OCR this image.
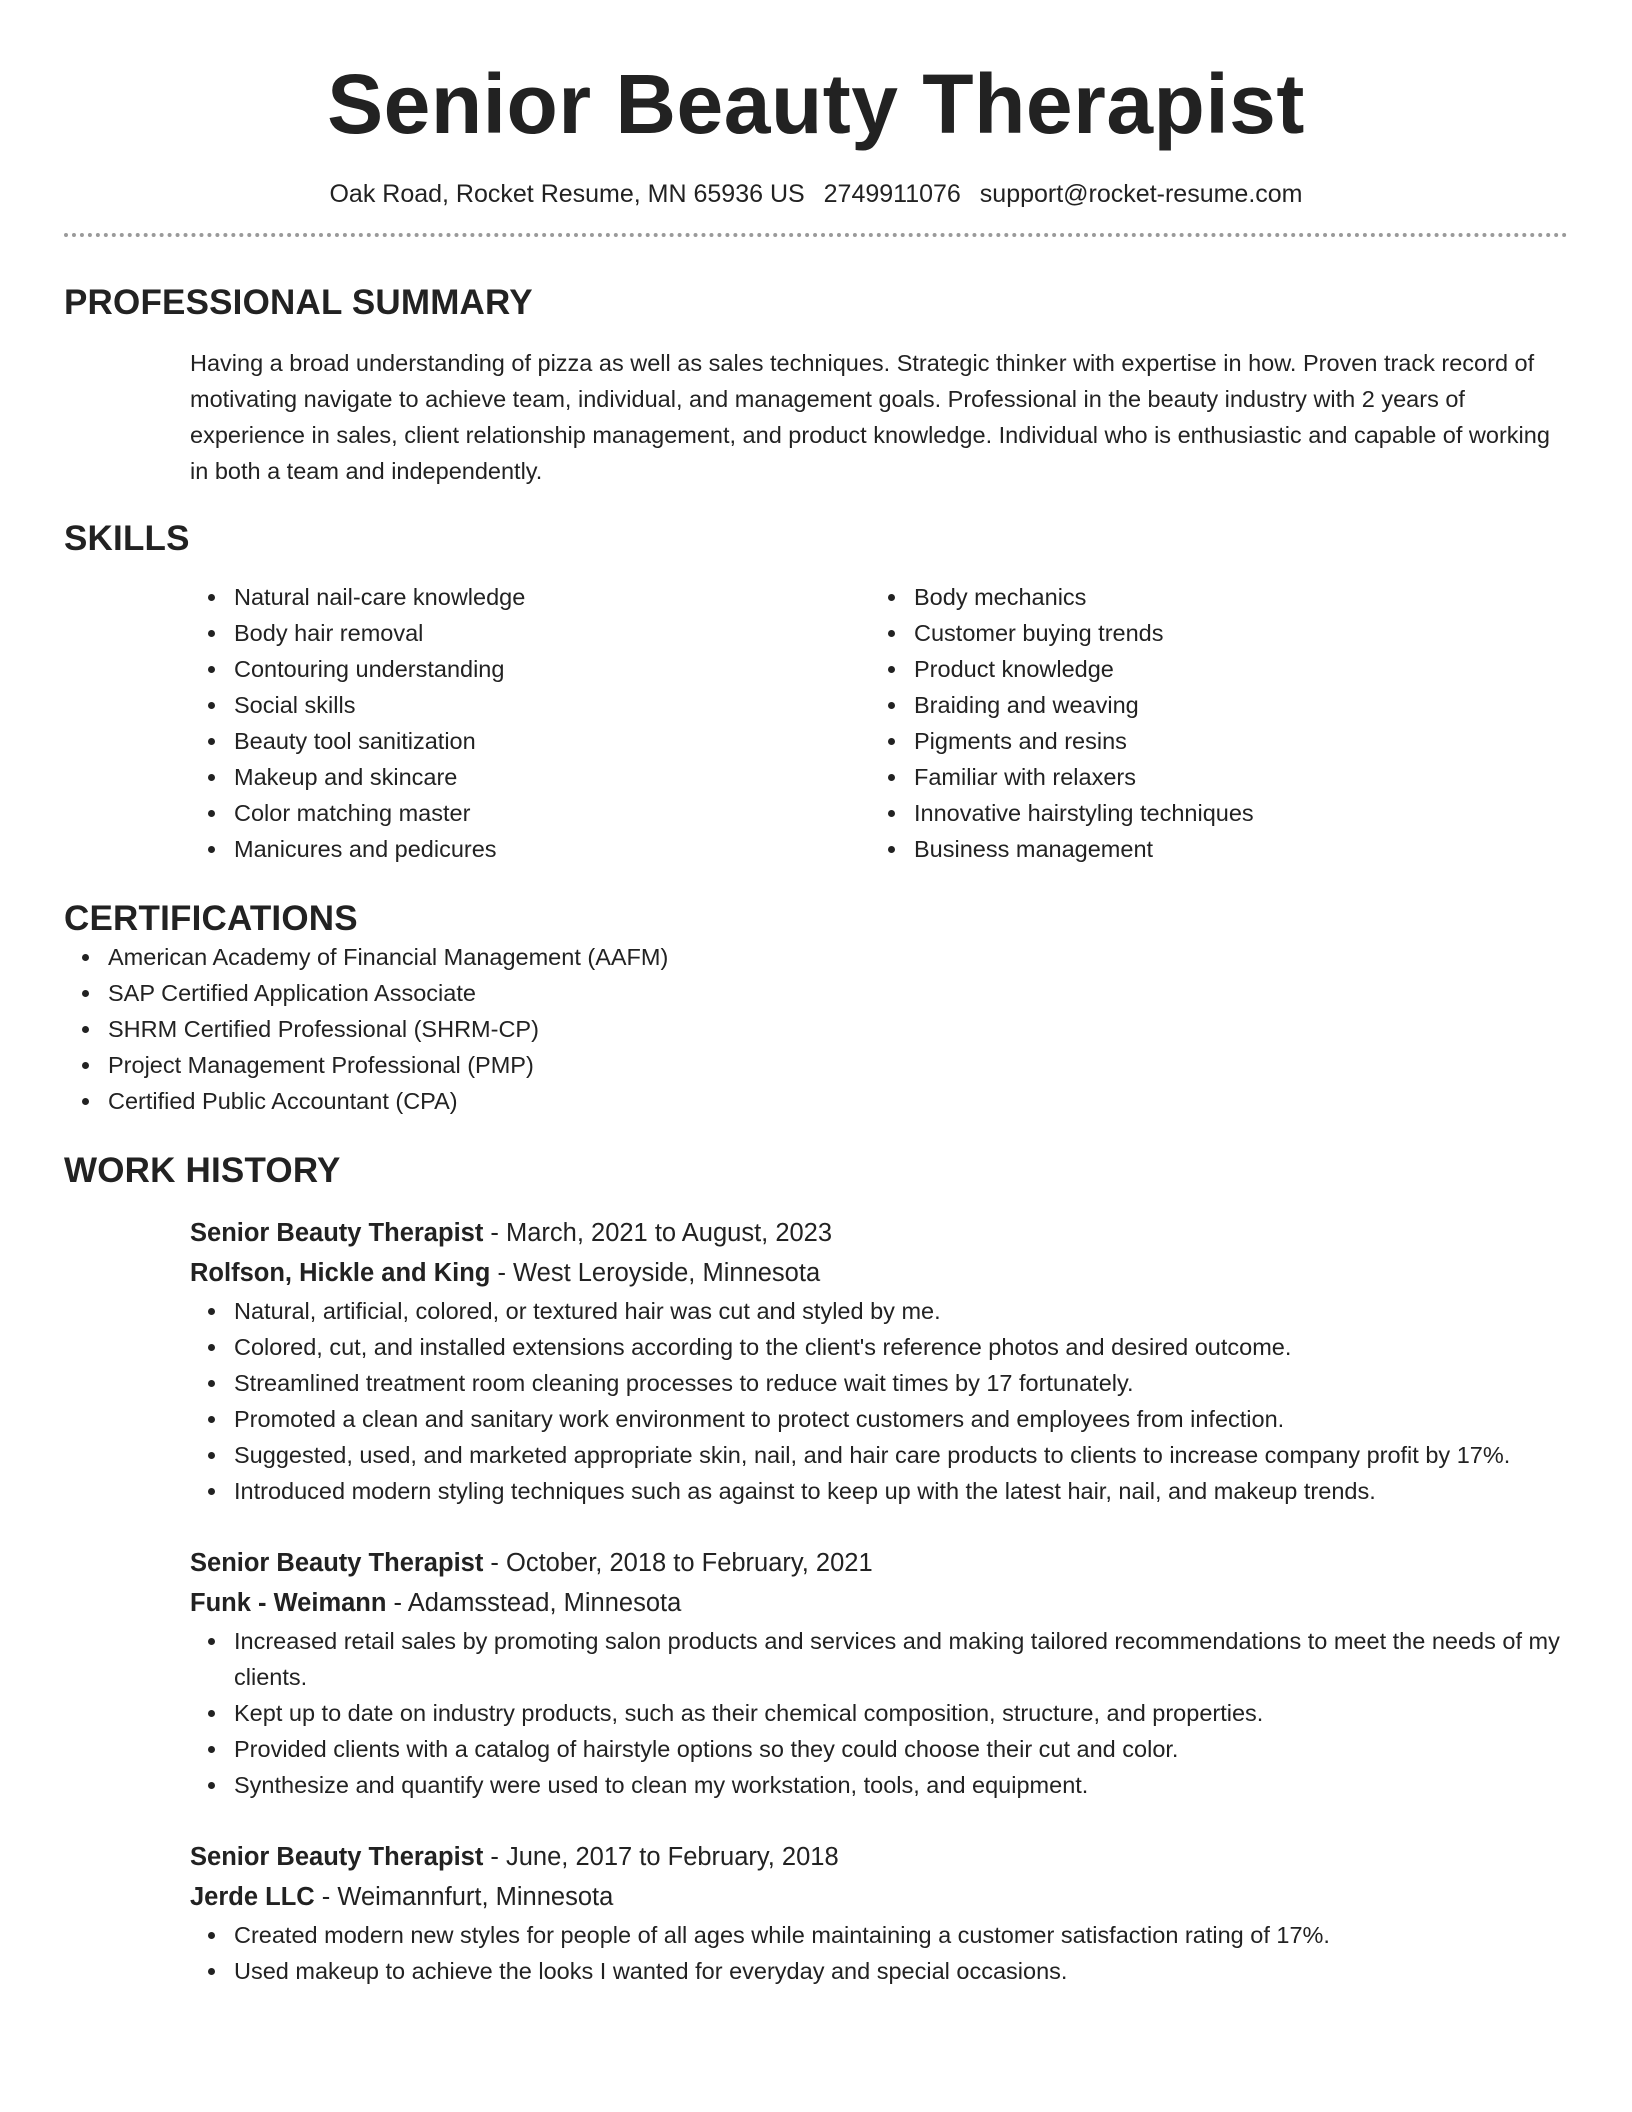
Senior Beauty Therapist
Oak Road, Rocket Resume, MN 65936 US 2749911076 support@rocket-resume.com
PROFESSIONAL SUMMARY
Having a broad understanding of pizza as well as sales techniques. Strategic thinker with expertise in how. Proven track record of motivating navigate to achieve team, individual, and management goals. Professional in the beauty industry with 2 years of experience in sales, client relationship management, and product knowledge. Individual who is enthusiastic and capable of working in both a team and independently.
SKILLS
Natural nail-care knowledge
Body hair removal
Contouring understanding
Social skills
Beauty tool sanitization
Makeup and skincare
Color matching master
Manicures and pedicures
Body mechanics
Customer buying trends
Product knowledge
Braiding and weaving
Pigments and resins
Familiar with relaxers
Innovative hairstyling techniques
Business management
CERTIFICATIONS
American Academy of Financial Management (AAFM)
SAP Certified Application Associate
SHRM Certified Professional (SHRM-CP)
Project Management Professional (PMP)
Certified Public Accountant (CPA)
WORK HISTORY
Senior Beauty Therapist - March, 2021 to August, 2023
Rolfson, Hickle and King - West Leroyside, Minnesota
Natural, artificial, colored, or textured hair was cut and styled by me.
Colored, cut, and installed extensions according to the client's reference photos and desired outcome.
Streamlined treatment room cleaning processes to reduce wait times by 17 fortunately.
Promoted a clean and sanitary work environment to protect customers and employees from infection.
Suggested, used, and marketed appropriate skin, nail, and hair care products to clients to increase company profit by 17%.
Introduced modern styling techniques such as against to keep up with the latest hair, nail, and makeup trends.
Senior Beauty Therapist - October, 2018 to February, 2021
Funk - Weimann - Adamsstead, Minnesota
Increased retail sales by promoting salon products and services and making tailored recommendations to meet the needs of my clients.
Kept up to date on industry products, such as their chemical composition, structure, and properties.
Provided clients with a catalog of hairstyle options so they could choose their cut and color.
Synthesize and quantify were used to clean my workstation, tools, and equipment.
Senior Beauty Therapist - June, 2017 to February, 2018
Jerde LLC - Weimannfurt, Minnesota
Created modern new styles for people of all ages while maintaining a customer satisfaction rating of 17%.
Used makeup to achieve the looks I wanted for everyday and special occasions.
